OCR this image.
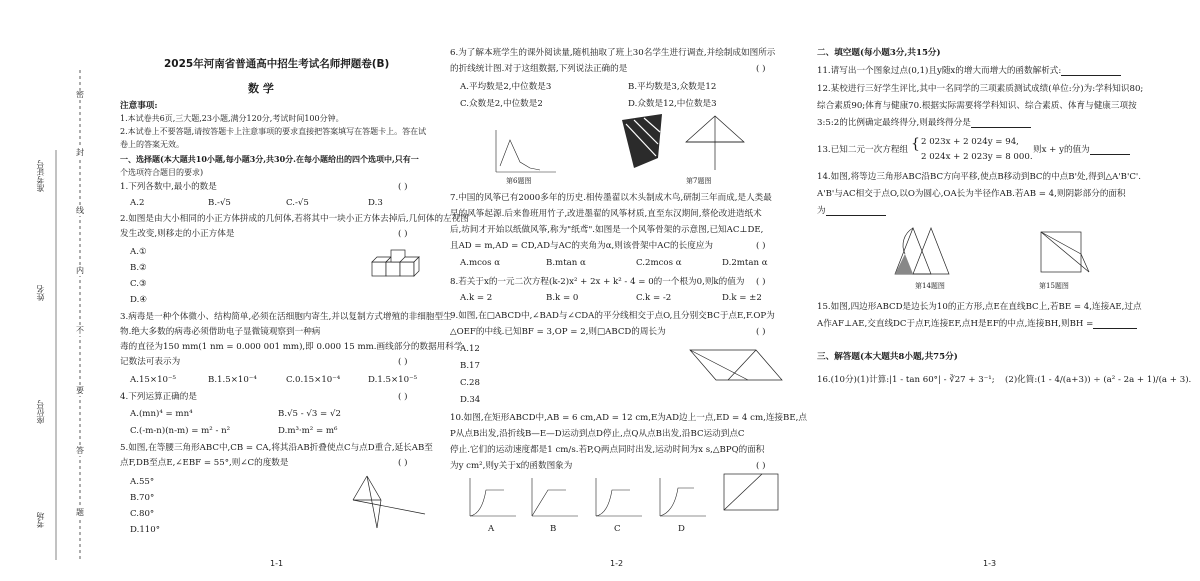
准考证号
姓名
座位号
考场
密
封
线
内
不
要
答
题
2025年河南省普通高中招生考试名师押题卷(B)
数 学
注意事项:
1.本试卷共6页,三大题,23小题,满分120分,考试时间100分钟。
2.本试卷上不要答题,请按答题卡上注意事项的要求直接把答案填写在答题卡上。答在试
卷上的答案无效。
一、选择题(本大题共10小题,每小题3分,共30分.在每小题给出的四个选项中,只有一
个选项符合题目的要求)
1.下列各数中,最小的数是	( )
A.2	B.-√5	C.-√5	D.3
2.如图是由大小相同的小正方体拼成的几何体,若将其中一块小正方体去掉后,几何体的左视图
发生改变,则移走的小正方体是	( )
A.①
B.②
C.③
D.④
3.病毒是一种个体微小、结构简单,必须在活细胞内寄生,并以复制方式增殖的非细胞型生
物.绝大多数的病毒必须借助电子显微镜观察到一种病
毒的直径为150 mm(1 nm = 0.000 001 mm),即 0.000 15 mm.画线部分的数据用科学
记数法可表示为	( )
A.15×10⁻⁵	B.1.5×10⁻⁴	C.0.15×10⁻⁴	D.1.5×10⁻⁵
4.下列运算正确的是	( )
A.(mn)⁴ = mn⁴	B.√5 - √3 = √2
C.(-m-n)(n-m) = m² - n²	D.m³·m² = m⁶
5.如图,在等腰三角形ABC中,CB = CA,将其沿AB折叠使点C与点D重合,延长AB至
点F,DB至点E,∠EBF = 55°,则∠C的度数是	( )
A.55°
B.70°
C.80°
D.110°
1-1
6.为了解本班学生的课外阅读量,随机抽取了班上30名学生进行调查,并绘制成如图所示
的折线统计图.对于这组数据,下列说法正确的是	( )
A.平均数是2,中位数是3	B.平均数是3,众数是12
C.众数是2,中位数是2	D.众数是12,中位数是3
第6题图	第7题图
7.中国的风筝已有2000多年的历史.相传墨翟以木头制成木鸟,研制三年而成,是人类最
早的风筝起源.后来鲁班用竹子,改进墨翟的风筝材质,直至东汉期间,蔡伦改进造纸术
后,坊间才开始以纸做风筝,称为"纸鸢".如图是一个风筝骨架的示意图,已知AC⊥DE,
且AD = m,AD = CD,AD与AC的夹角为α,则该骨架中AC的长度应为	( )
A.mcos α	B.mtan α	C.2mcos α	D.2mtan α
8.若关于x的一元二次方程(k-2)x² + 2x + k² - 4 = 0的一个根为0,则k的值为 ( )
A.k = 2	B.k = 0	C.k = -2	D.k = ±2
9.如图,在□ABCD中,∠BAD与∠CDA的平分线相交于点O,且分别交BC于点E,F.OP为
△OEF的中线.已知BF = 3,OP = 2,则□ABCD的周长为	( )
A.12
B.17
C.28
D.34
10.如图,在矩形ABCD中,AB = 6 cm,AD = 12 cm,E为AD边上一点,ED = 4 cm,连接BE,点
P从点B出发,沿折线B—E—D运动到点D停止,点Q从点B出发,沿BC运动到点C
停止.它们的运动速度都是1 cm/s.若P,Q两点同时出发,运动时间为x s,△BPQ的面积
为y cm²,则y关于x的函数图象为	( )
A	B	C	D
1-2
二、填空题(每小题3分,共15分)
11.请写出一个图象过点(0,1)且y随x的增大而增大的函数解析式:
12.某校进行三好学生评比,其中一名同学的三项素质测试成绩(单位:分)为:学科知识80;
综合素质90;体育与健康70.根据实际需要将学科知识、综合素质、体育与健康三项按
3:5:2的比例确定最终得分,则最终得分是
13.已知二元一次方程组 { 2 023x + 2 024y = 94,
2 024x + 2 023y = 8 000.
则x + y的值为
14.如图,将等边三角形ABC沿BC方向平移,使点B移动到BC的中点B'处,得到△A'B'C'.
A'B'与AC相交于点O,以O为圆心,OA长为半径作AB.若AB = 4,则阴影部分的面积
为
第14题图	第15题图
15.如图,四边形ABCD是边长为10的正方形,点E在直线BC上,若BE = 4,连接AE,过点
A作AF⊥AE,交直线DC于点F,连接EF,点H是EF的中点,连接BH,则BH =
三、解答题(本大题共8小题,共75分)
16.(10分)(1)计算:|1 - tan 60°| - ∛27 + 3⁻¹; (2)化简:(1 - 4/(a+3)) ÷ (a² - 2a + 1)/(a + 3).
1-3
